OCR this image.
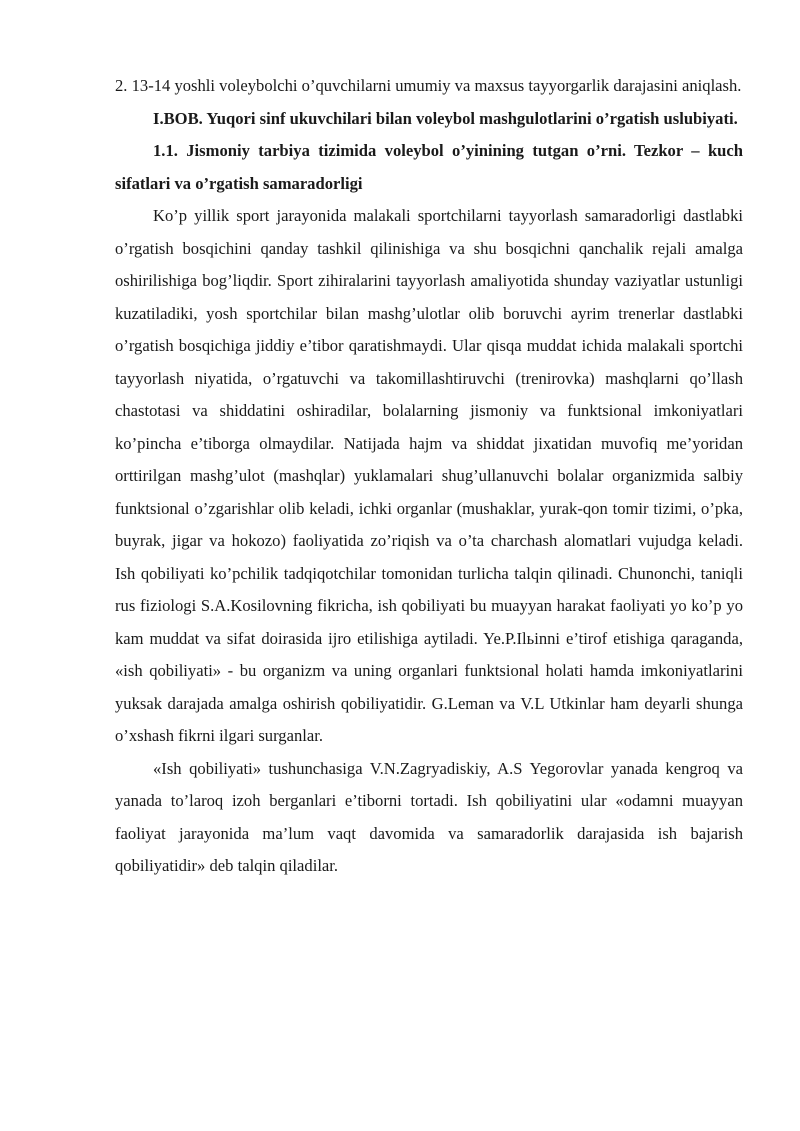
2. 13-14 yoshli voleybolchi o’quvchilarni umumiy va maxsus tayyorgarlik darajasini aniqlash.

I.BOB. Yuqori sinf ukuvchilari bilan voleybol mashgulotlarini o’rgatish uslubiyati.

1.1. Jismoniy tarbiya tizimida voleybol o’yinining tutgan o’rni. Tezkor – kuch sifatlari va o’rgatish samaradorligi

Ko’p yillik sport jarayonida malakali sportchilarni tayyorlash samaradorligi dastlabki o’rgatish bosqichini qanday tashkil qilinishiga va shu bosqichni qanchalik rejali amalga oshirilishiga bog’liqdir. Sport zihiralarini tayyorlash amaliyotida shunday vaziyatlar ustunligi kuzatiladiki, yosh sportchilar bilan mashg’ulotlar olib boruvchi ayrim trenerlar dastlabki o’rgatish bosqichiga jiddiy e’tibor qaratishmaydi. Ular qisqa muddat ichida malakali sportchi tayyorlash niyatida, o’rgatuvchi va takomillashtiruvchi (trenirovka) mashqlarni qo’llash chastotasi va shiddatini oshiradilar, bolalarning jismoniy va funktsional imkoniyatlari ko’pincha e’tiborga olmaydilar. Natijada hajm va shiddat jixatidan muvofiq me’yoridan orttirilgan mashg’ulot (mashqlar) yuklamalari shug’ullanuvchi bolalar organizmida salbiy funktsional o’zgarishlar olib keladi, ichki organlar (mushaklar, yurak-qon tomir tizimi, o’pka, buyrak, jigar va hokozo) faoliyatida zo’riqish va o’ta charchash alomatlari vujudga keladi.

Ish qobiliyati ko’pchilik tadqiqotchilar tomonidan turlicha talqin qilinadi. Chunonchi, taniqli rus fiziologi S.A.Kosilovning fikricha, ish qobiliyati bu muayyan harakat faoliyati yo ko’p yo kam muddat va sifat doirasida ijro etilishiga aytiladi. Ye.P.Ilьinni e’tirof etishiga qaraganda, «ish qobiliyati» - bu organizm va uning organlari funktsional holati hamda imkoniyatlarini yuksak darajada amalga oshirish qobiliyatidir. G.Leman va V.L Utkinlar ham deyarli shunga o’xshash fikrni ilgari surganlar.

«Ish qobiliyati» tushunchasiga V.N.Zagryadiskiy, A.S Yegorovlar yanada kengroq va yanada to’laroq izoh berganlari e’tiborni tortadi. Ish qobiliyatini ular «odamni muayyan faoliyat jarayonida ma’lum vaqt davomida va samaradorlik darajasida ish bajarish qobiliyatidir» deb talqin qiladilar.
